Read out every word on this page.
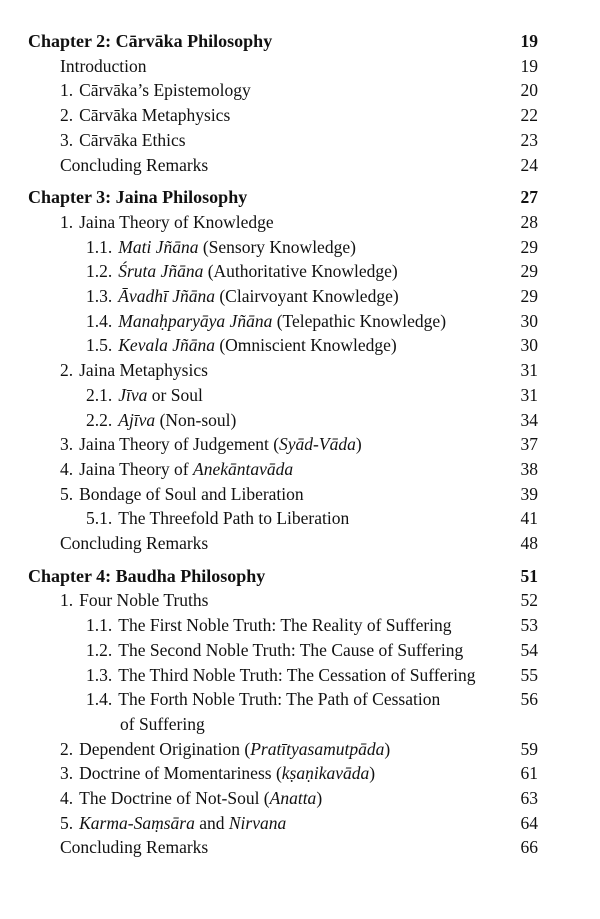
Chapter 2: Cārvāka Philosophy	19
Introduction	19
1. Cārvāka’s Epistemology	20
2. Cārvāka Metaphysics	22
3. Cārvāka Ethics	23
Concluding Remarks	24
Chapter 3: Jaina Philosophy	27
1. Jaina Theory of Knowledge	28
1.1. Mati Jñāna (Sensory Knowledge)	29
1.2. Śruta Jñāna (Authoritative Knowledge)	29
1.3. Āvadhī Jñāna (Clairvoyant Knowledge)	29
1.4. Manaḥparyāya Jñāna (Telepathic Knowledge)	30
1.5. Kevala Jñāna (Omniscient Knowledge)	30
2. Jaina Metaphysics	31
2.1. Jīva or Soul	31
2.2. Ajīva (Non-soul)	34
3. Jaina Theory of Judgement (Syād-Vāda)	37
4. Jaina Theory of Anekāntavāda	38
5. Bondage of Soul and Liberation	39
5.1. The Threefold Path to Liberation	41
Concluding Remarks	48
Chapter 4: Baudha Philosophy	51
1. Four Noble Truths	52
1.1. The First Noble Truth: The Reality of Suffering	53
1.2. The Second Noble Truth: The Cause of Suffering	54
1.3. The Third Noble Truth: The Cessation of Suffering	55
1.4. The Forth Noble Truth: The Path of Cessation	56
of Suffering
2. Dependent Origination (Pratītyasamutpāda)	59
3. Doctrine of Momentariness (kṣaṇikavāda)	61
4. The Doctrine of Not-Soul (Anatta)	63
5. Karma-Saṃsāra and Nirvana	64
Concluding Remarks	66
